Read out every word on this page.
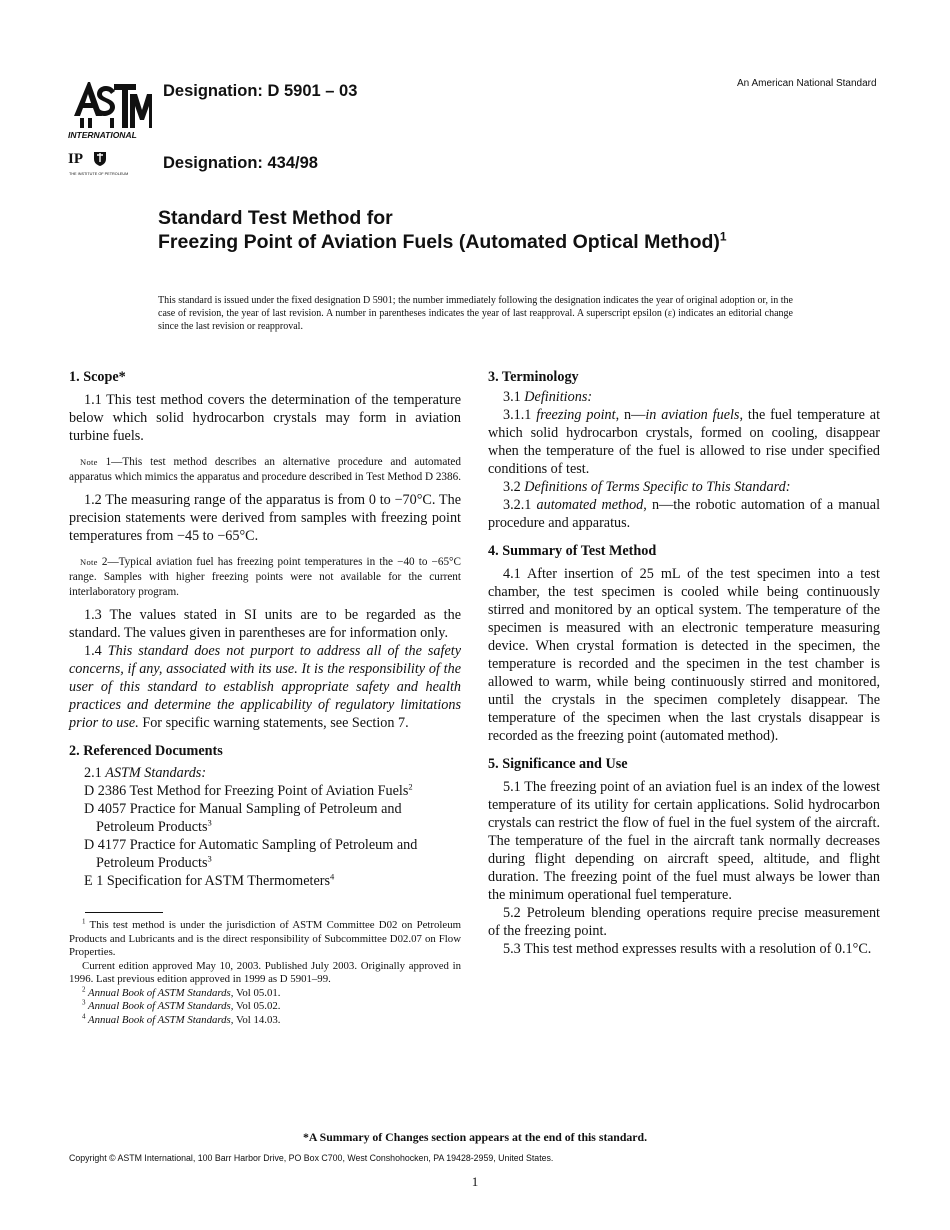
INTERNATIONAL
IP
THE INSTITUTE OF PETROLEUM
Designation: D 5901 – 03
Designation: 434/98
An American National Standard
Standard Test Method for
Freezing Point of Aviation Fuels (Automated Optical Method)$^1$
This standard is issued under the fixed designation D 5901; the number immediately following the designation indicates the year of original adoption or, in the case of revision, the year of last revision. A number in parentheses indicates the year of last reapproval. A superscript epsilon (ε) indicates an editorial change since the last revision or reapproval.
1. Scope*

1.1 This test method covers the determination of the temperature below which solid hydrocarbon crystals may form in aviation turbine fuels.

Note 1—This test method describes an alternative procedure and automated apparatus which mimics the apparatus and procedure described in Test Method D 2386.

1.2 The measuring range of the apparatus is from 0 to −70°C. The precision statements were derived from samples with freezing point temperatures from −45 to −65°C.

Note 2—Typical aviation fuel has freezing point temperatures in the −40 to −65°C range. Samples with higher freezing points were not available for the current interlaboratory program.

1.3 The values stated in SI units are to be regarded as the standard. The values given in parentheses are for information only.

1.4 This standard does not purport to address all of the safety concerns, if any, associated with its use. It is the responsibility of the user of this standard to establish appropriate safety and health practices and determine the applicability of regulatory limitations prior to use. For specific warning statements, see Section 7.

2. Referenced Documents

2.1 ASTM Standards:

D 2386 Test Method for Freezing Point of Aviation Fuels$^2$

D 4057 Practice for Manual Sampling of Petroleum and Petroleum Products$^3$

D 4177 Practice for Automatic Sampling of Petroleum and Petroleum Products$^3$

E 1 Specification for ASTM Thermometers$^4$

$^1$ This test method is under the jurisdiction of ASTM Committee D02 on Petroleum Products and Lubricants and is the direct responsibility of Subcommittee D02.07 on Flow Properties.

Current edition approved May 10, 2003. Published July 2003. Originally approved in 1996. Last previous edition approved in 1999 as D 5901–99.

$^2$ Annual Book of ASTM Standards, Vol 05.01.

$^3$ Annual Book of ASTM Standards, Vol 05.02.

$^4$ Annual Book of ASTM Standards, Vol 14.03.

3. Terminology

3.1 Definitions:

3.1.1 freezing point, n—in aviation fuels, the fuel temperature at which solid hydrocarbon crystals, formed on cooling, disappear when the temperature of the fuel is allowed to rise under specified conditions of test.

3.2 Definitions of Terms Specific to This Standard:

3.2.1 automated method, n—the robotic automation of a manual procedure and apparatus.

4. Summary of Test Method

4.1 After insertion of 25 mL of the test specimen into a test chamber, the test specimen is cooled while being continuously stirred and monitored by an optical system. The temperature of the specimen is measured with an electronic temperature measuring device. When crystal formation is detected in the specimen, the temperature is recorded and the specimen in the test chamber is allowed to warm, while being continuously stirred and monitored, until the crystals in the specimen completely disappear. The temperature of the specimen when the last crystals disappear is recorded as the freezing point (automated method).

5. Significance and Use

5.1 The freezing point of an aviation fuel is an index of the lowest temperature of its utility for certain applications. Solid hydrocarbon crystals can restrict the flow of fuel in the fuel system of the aircraft. The temperature of the fuel in the aircraft tank normally decreases during flight depending on aircraft speed, altitude, and flight duration. The freezing point of the fuel must always be lower than the minimum operational fuel temperature.

5.2 Petroleum blending operations require precise measurement of the freezing point.

5.3 This test method expresses results with a resolution of 0.1°C.

*A Summary of Changes section appears at the end of this standard.
Copyright © ASTM International, 100 Barr Harbor Drive, PO Box C700, West Conshohocken, PA 19428-2959, United States.
1
